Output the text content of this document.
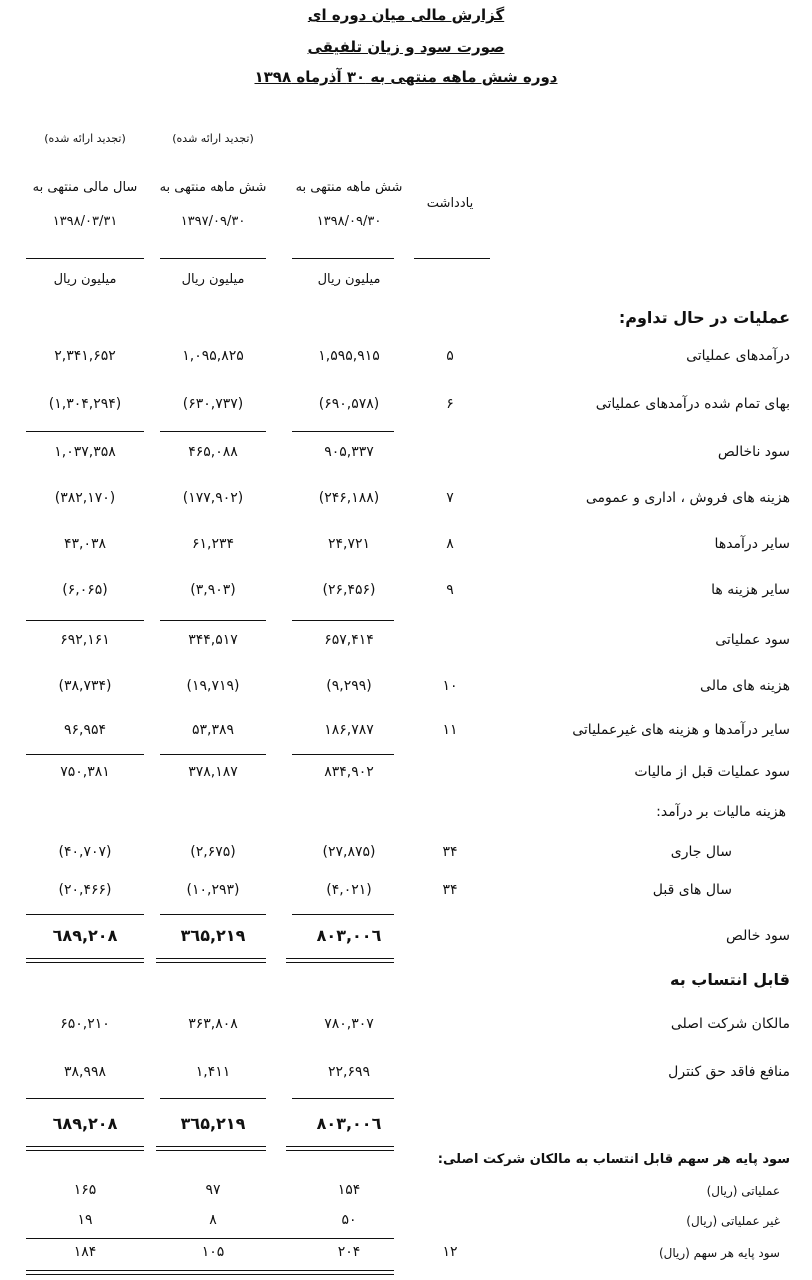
گزارش مالی میان دوره ای
صورت سود و زیان تلفیقی
دوره شش ماهه منتهی به ۳۰ آذرماه ۱۳۹۸
(تجدید ارائه شده)
(تجدید ارائه شده)
شش ماهه منتهی به
شش ماهه منتهی به
سال مالی منتهی به
۱۳۹۸/۰۹/۳۰
۱۳۹۷/۰۹/۳۰
۱۳۹۸/۰۳/۳۱
یادداشت
میلیون ریال
میلیون ریال
میلیون ریال
عملیات در حال تداوم:
درآمدهای عملیاتی
۵
۱,۵۹۵,۹۱۵
۱,۰۹۵,۸۲۵
۲,۳۴۱,۶۵۲
بهای تمام شده درآمدهای عملیاتی
۶
(۶۹۰,۵۷۸)
(۶۳۰,۷۳۷)
(۱,۳۰۴,۲۹۴)
سود ناخالص
۹۰۵,۳۳۷
۴۶۵,۰۸۸
۱,۰۳۷,۳۵۸
هزینه های فروش ، اداری و عمومی
۷
(۲۴۶,۱۸۸)
(۱۷۷,۹۰۲)
(۳۸۲,۱۷۰)
سایر درآمدها
۸
۲۴,۷۲۱
۶۱,۲۳۴
۴۳,۰۳۸
سایر هزینه ها
۹
(۲۶,۴۵۶)
(۳,۹۰۳)
(۶,۰۶۵)
سود عملیاتی
۶۵۷,۴۱۴
۳۴۴,۵۱۷
۶۹۲,۱۶۱
هزینه های مالی
۱۰
(۹,۲۹۹)
(۱۹,۷۱۹)
(۳۸,۷۳۴)
سایر درآمدها و هزینه های غیرعملیاتی
۱۱
۱۸۶,۷۸۷
۵۳,۳۸۹
۹۶,۹۵۴
سود عملیات قبل از مالیات
۸۳۴,۹۰۲
۳۷۸,۱۸۷
۷۵۰,۳۸۱
هزینه مالیات بر درآمد:
سال جاری
۳۴
(۲۷,۸۷۵)
(۲,۶۷۵)
(۴۰,۷۰۷)
سال های قبل
۳۴
(۴,۰۲۱)
(۱۰,۲۹۳)
(۲۰,۴۶۶)
سود خالص
۸۰۳,۰۰٦
۳٦۵,۲۱۹
٦۸۹,۲۰۸
قابل انتساب به
مالکان شرکت اصلی
۷۸۰,۳۰۷
۳۶۳,۸۰۸
۶۵۰,۲۱۰
منافع فاقد حق کنترل
۲۲,۶۹۹
۱,۴۱۱
۳۸,۹۹۸
۸۰۳,۰۰٦
۳٦۵,۲۱۹
٦۸۹,۲۰۸
سود پایه هر سهم قابل انتساب به مالکان شرکت اصلی:
عملیاتی (ریال)
۱۵۴
۹۷
۱۶۵
غیر عملیاتی (ریال)
۵۰
۸
۱۹
سود پایه هر سهم (ریال)
۱۲
۲۰۴
۱۰۵
۱۸۴
